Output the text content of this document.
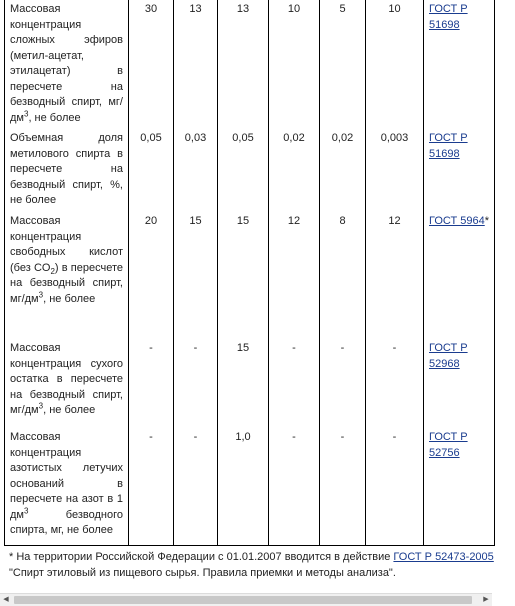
Массовая концентрация сложных эфиров (метил-ацетат, этилацетат) в пересчете на безводный спирт, $мг/дм^3$, не более	30	13	13	10	5	10	ГОСТ Р 51698
Объемная доля метилового спирта в пересчете на безводный спирт, %, не более	0,05	0,03	0,05	0,02	0,02	0,003	ГОСТ Р 51698
Массовая концентрация свободных кислот (без $CO_2$) в пересчете на безводный спирт, $мг/дм^3$, не более	20	15	15	12	8	12	ГОСТ 5964*
Массовая концентрация сухого остатка в пересчете на безводный спирт, $мг/дм^3$, не более	-	-	15	-	-	-	ГОСТ Р 52968
Массовая концентрация азотистых летучих оснований в пересчете на азот в 1 $дм^3$ безводного спирта, мг, не более	-	-	1,0	-	-	-	ГОСТ Р 52756
* На территории Российской Федерации с 01.01.2007 вводится в действие ГОСТ Р 52473-2005 "Спирт этиловый из пищевого сырья. Правила приемки и методы анализа".
◀	▶
